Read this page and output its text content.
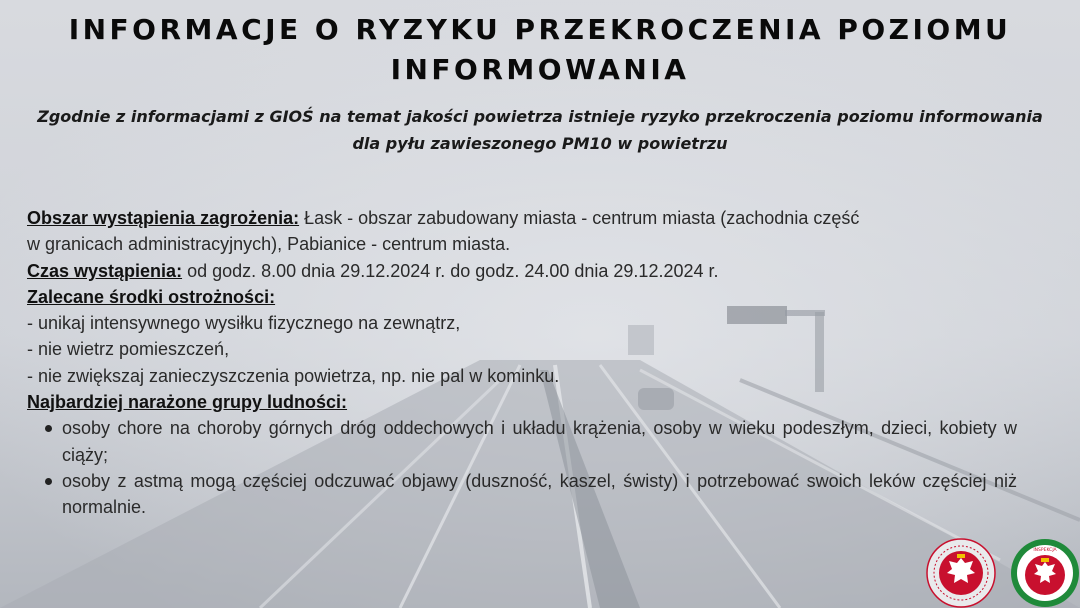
INFORMACJE O RYZYKU PRZEKROCZENIA POZIOMU
INFORMOWANIA
Zgodnie z informacjami z GIOŚ na temat jakości powietrza istnieje ryzyko przekroczenia poziomu informowania
dla pyłu zawieszonego PM10 w powietrzu

Obszar wystąpienia zagrożenia: Łask - obszar zabudowany miasta - centrum miasta (zachodnia część
w granicach administracyjnych), Pabianice - centrum miasta.

Czas wystąpienia: od godz. 8.00 dnia 29.12.2024 r. do godz. 24.00 dnia 29.12.2024 r.

Zalecane środki ostrożności:

- unikaj intensywnego wysiłku fizycznego na zewnątrz,

- nie wietrz pomieszczeń,

- nie zwiększaj zanieczyszczenia powietrza, np. nie pal w kominku.

Najbardziej narażone grupy ludności:

osoby chore na choroby górnych dróg oddechowych i układu krążenia, osoby w wieku podeszłym, dzieci, kobiety w ciąży;
osoby z astmą mogą częściej odczuwać objawy (duszność, kaszel, świsty) i potrzebować swoich leków częściej niż normalnie.
INSPEKCJA
